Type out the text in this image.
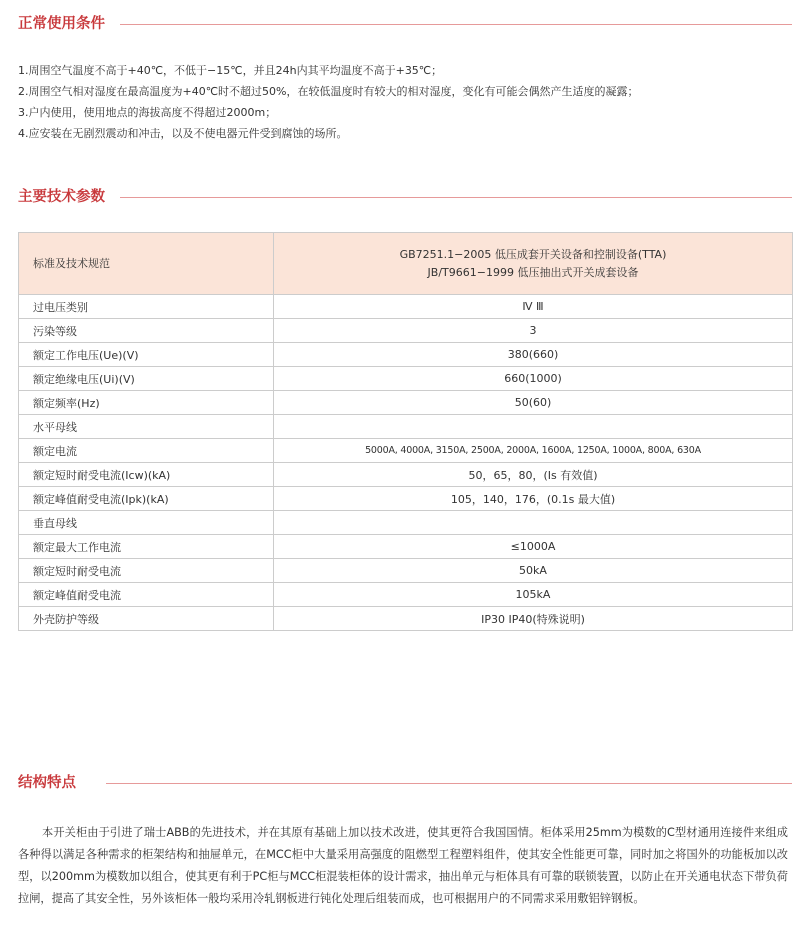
正常使用条件
1.周围空气温度不高于+40℃，不低于−15℃，并且24h内其平均温度不高于+35℃；
2.周围空气相对湿度在最高温度为+40℃时不超过50%，在较低温度时有较大的相对湿度，变化有可能会偶然产生适度的凝露；
3.户内使用，使用地点的海拔高度不得超过2000m；
4.应安装在无剧烈震动和冲击，以及不使电器元件受到腐蚀的场所。
主要技术参数
标准及技术规范	GB7251.1−2005 低压成套开关设备和控制设备(TTA)
JB/T9661−1999 低压抽出式开关成套设备

过电压类别	Ⅳ Ⅲ
污染等级	3
额定工作电压(Ue)(V)	380(660)
额定绝缘电压(Ui)(V)	660(1000)
额定频率(Hz)	50(60)
水平母线	
额定电流	5000A, 4000A, 3150A, 2500A, 2000A, 1600A, 1250A, 1000A, 800A, 630A
额定短时耐受电流(Icw)(kA)	50，65，80，(Is 有效值)
额定峰值耐受电流(Ipk)(kA)	105，140，176，(0.1s 最大值)
垂直母线	
额定最大工作电流	≤1000A
额定短时耐受电流	50kA
额定峰值耐受电流	105kA
外壳防护等级	IP30 IP40(特殊说明)
结构特点
本开关柜由于引进了瑞士ABB的先进技术，并在其原有基础上加以技术改进，使其更符合我国国情。柜体采用25mm为模数的C型材通用连接件来组成各种得以满足各种需求的柜架结构和抽屉单元，在MCC柜中大量采用高强度的阻燃型工程塑料组件，使其安全性能更可靠，同时加之将国外的功能板加以改型，以200mm为模数加以组合，使其更有利于PC柜与MCC柜混装柜体的设计需求，抽出单元与柜体具有可靠的联锁装置，以防止在开关通电状态下带负荷拉闸，提高了其安全性，另外该柜体一般均采用冷轧钢板进行钝化处理后组装而成，也可根据用户的不同需求采用敷铝锌钢板。
